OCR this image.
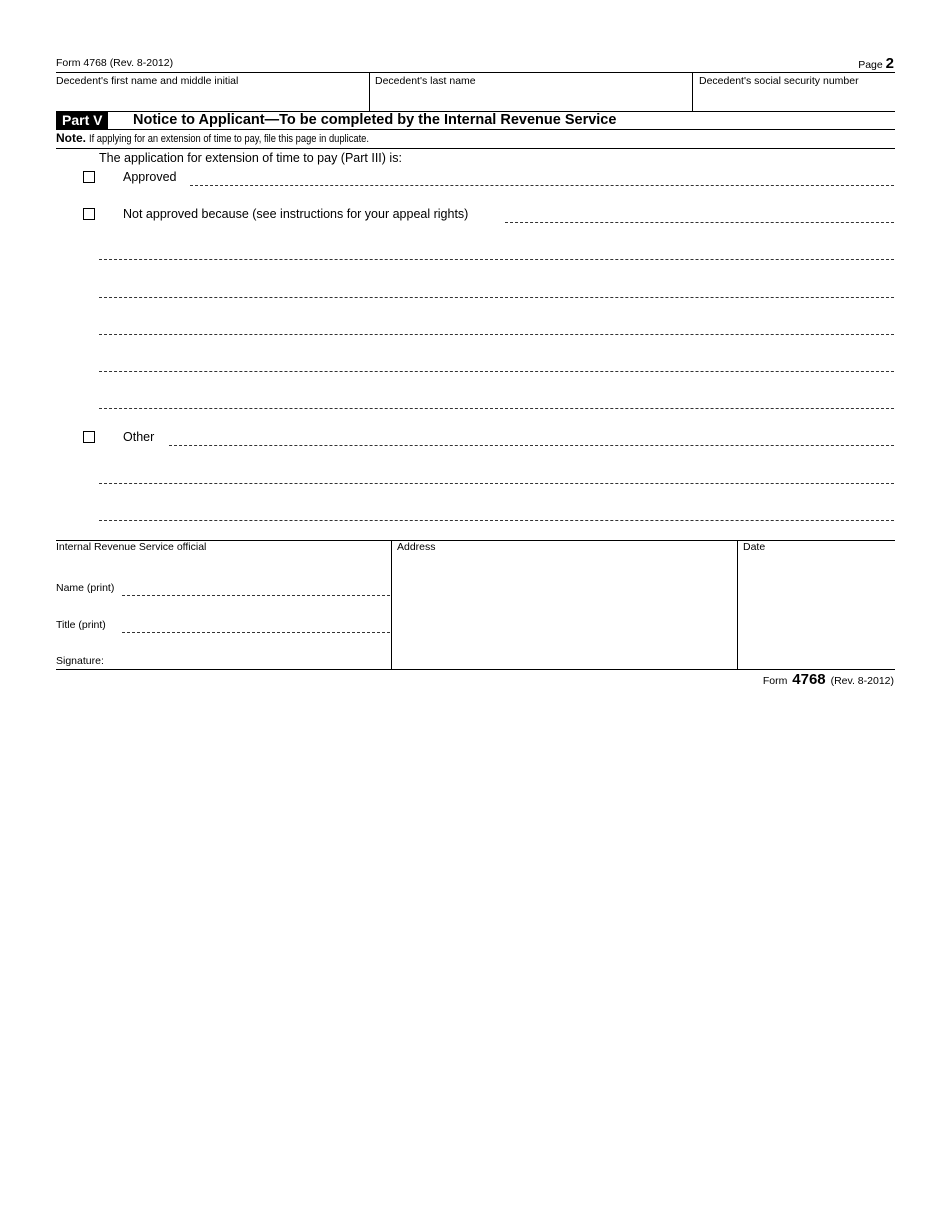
Form 4768 (Rev. 8-2012)	Page 2
Decedent's first name and middle initial	Decedent's last name	Decedent's social security number
Part V	Notice to Applicant—To be completed by the Internal Revenue Service
Note. If applying for an extension of time to pay, file this page in duplicate.
The application for extension of time to pay (Part III) is:
Approved
Not approved because (see instructions for your appeal rights)
Other
Internal Revenue Service official	Address	Date
Name (print)
Title (print)
Signature:
Form 4768 (Rev. 8-2012)
